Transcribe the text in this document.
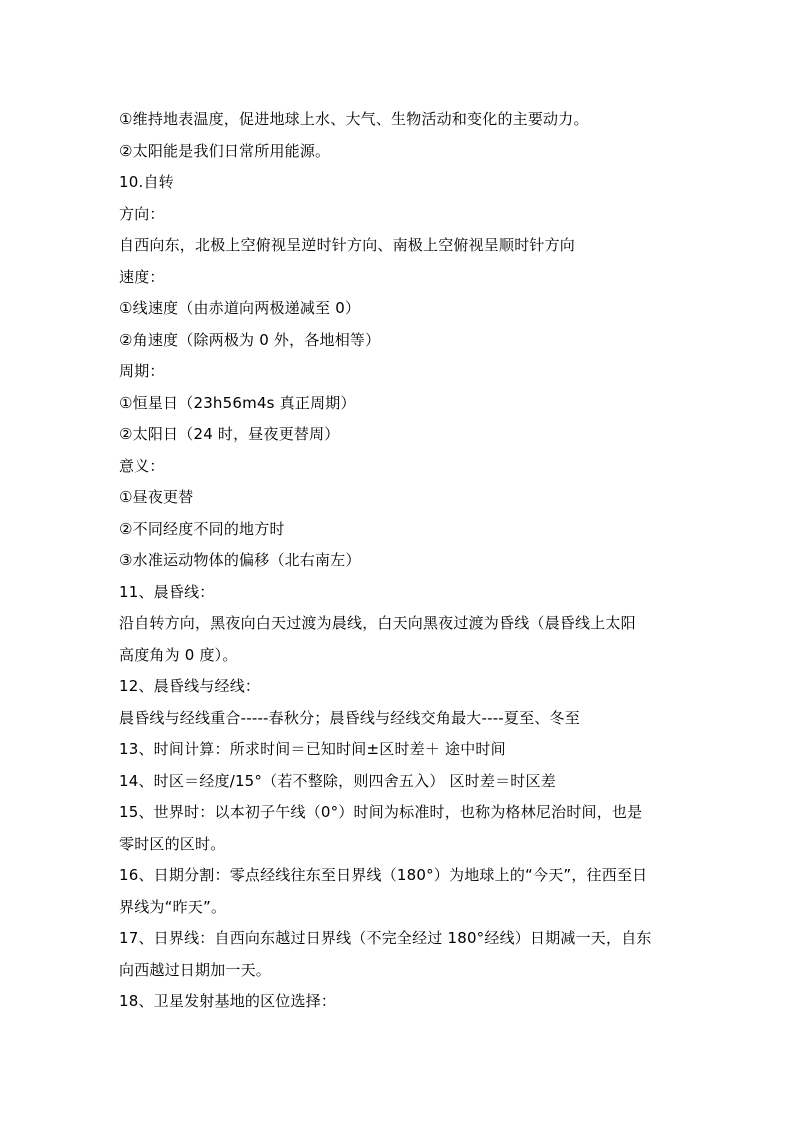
①维持地表温度，促进地球上水、大气、生物活动和变化的主要动力。
②太阳能是我们日常所用能源。
10.自转
方向：
自西向东，北极上空俯视呈逆时针方向、南极上空俯视呈顺时针方向
速度：
①线速度（由赤道向两极递减至 0）
②角速度（除两极为 0 外，各地相等）
周期：
①恒星日（23h56m4s 真正周期）
②太阳日（24 时，昼夜更替周）
意义：
①昼夜更替
②不同经度不同的地方时
③水准运动物体的偏移（北右南左）
11、晨昏线：
沿自转方向，黑夜向白天过渡为晨线，白天向黑夜过渡为昏线（晨昏线上太阳
高度角为 0 度）。
12、晨昏线与经线：
晨昏线与经线重合-----春秋分；晨昏线与经线交角最大----夏至、冬至
13、时间计算：所求时间＝已知时间±区时差＋ 途中时间
14、时区＝经度/15°（若不整除，则四舍五入） 区时差＝时区差
15、世界时：以本初子午线（0°）时间为标准时，也称为格林尼治时间，也是
零时区的区时。
16、日期分割：零点经线往东至日界线（180°）为地球上的“今天”，往西至日
界线为“昨天”。
17、日界线：自西向东越过日界线（不完全经过 180°经线）日期减一天，自东
向西越过日期加一天。
18、卫星发射基地的区位选择：
